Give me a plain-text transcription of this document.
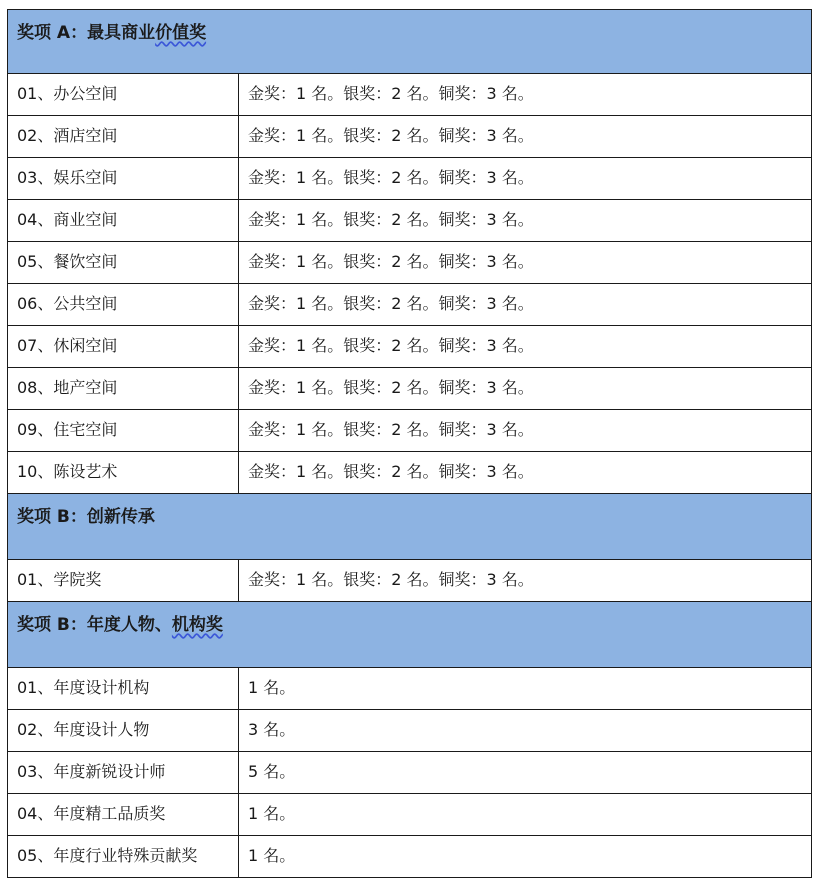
奖项 A：最具商业价值奖	
01、办公空间	金奖：1 名。银奖：2 名。铜奖：3 名。
02、酒店空间	金奖：1 名。银奖：2 名。铜奖：3 名。
03、娱乐空间	金奖：1 名。银奖：2 名。铜奖：3 名。
04、商业空间	金奖：1 名。银奖：2 名。铜奖：3 名。
05、餐饮空间	金奖：1 名。银奖：2 名。铜奖：3 名。
06、公共空间	金奖：1 名。银奖：2 名。铜奖：3 名。
07、休闲空间	金奖：1 名。银奖：2 名。铜奖：3 名。
08、地产空间	金奖：1 名。银奖：2 名。铜奖：3 名。
09、住宅空间	金奖：1 名。银奖：2 名。铜奖：3 名。
10、陈设艺术	金奖：1 名。银奖：2 名。铜奖：3 名。
奖项 B：创新传承	
01、学院奖	金奖：1 名。银奖：2 名。铜奖：3 名。
奖项 B：年度人物、机构奖	
01、年度设计机构	1 名。
02、年度设计人物	3 名。
03、年度新锐设计师	5 名。
04、年度精工品质奖	1 名。
05、年度行业特殊贡献奖	1 名。
